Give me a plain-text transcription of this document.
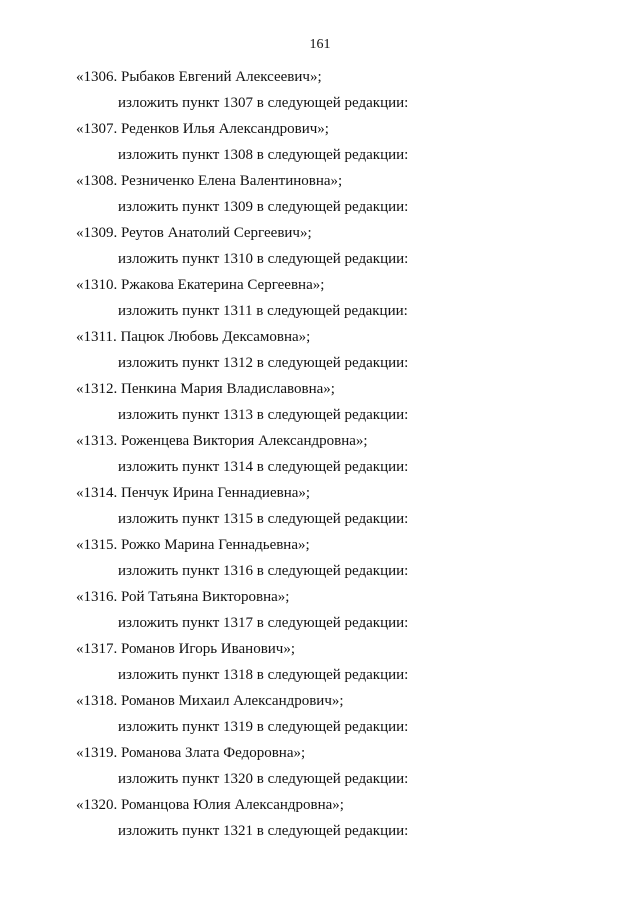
161
«1306. Рыбаков Евгений Алексеевич»;
изложить пункт 1307 в следующей редакции:
«1307. Реденков Илья Александрович»;
изложить пункт 1308 в следующей редакции:
«1308. Резниченко Елена Валентиновна»;
изложить пункт 1309 в следующей редакции:
«1309. Реутов Анатолий Сергеевич»;
изложить пункт 1310 в следующей редакции:
«1310. Ржакова Екатерина Сергеевна»;
изложить пункт 1311 в следующей редакции:
«1311. Пацюк Любовь Дексамовна»;
изложить пункт 1312 в следующей редакции:
«1312. Пенкина Мария Владиславовна»;
изложить пункт 1313 в следующей редакции:
«1313. Роженцева Виктория Александровна»;
изложить пункт 1314 в следующей редакции:
«1314. Пенчук Ирина Геннадиевна»;
изложить пункт 1315 в следующей редакции:
«1315. Рожко Марина Геннадьевна»;
изложить пункт 1316 в следующей редакции:
«1316. Рой Татьяна Викторовна»;
изложить пункт 1317 в следующей редакции:
«1317. Романов Игорь Иванович»;
изложить пункт 1318 в следующей редакции:
«1318. Романов Михаил Александрович»;
изложить пункт 1319 в следующей редакции:
«1319. Романова Злата Федоровна»;
изложить пункт 1320 в следующей редакции:
«1320. Романцова Юлия Александровна»;
изложить пункт 1321 в следующей редакции:
